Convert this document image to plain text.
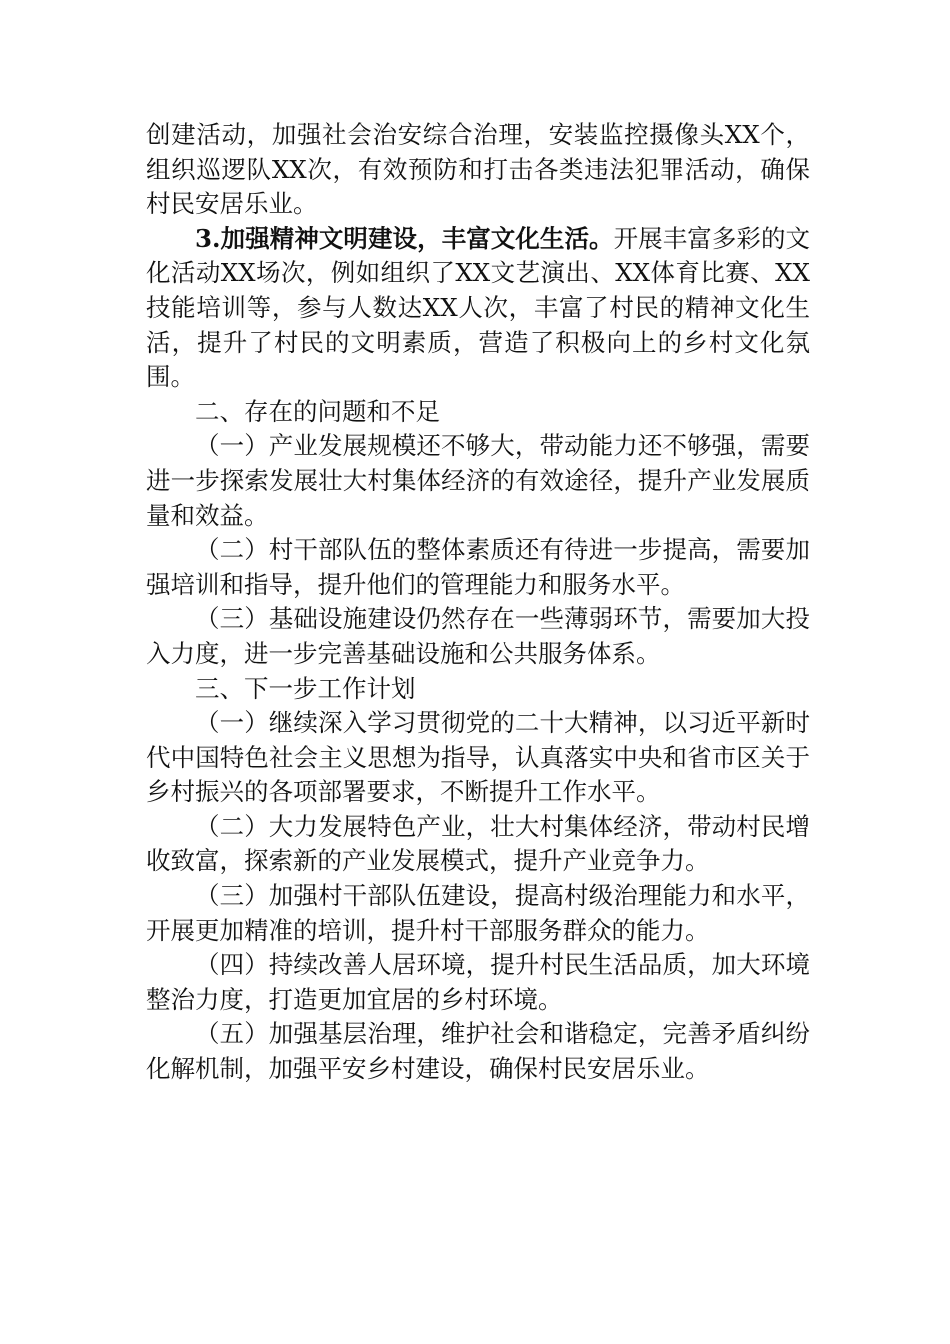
创建活动，加强社会治安综合治理，安装监控摄像头XX个，组织巡逻队XX次，有效预防和打击各类违法犯罪活动，确保村民安居乐业。

3.加强精神文明建设，丰富文化生活。开展丰富多彩的文化活动XX场次，例如组织了XX文艺演出、XX体育比赛、XX技能培训等，参与人数达XX人次，丰富了村民的精神文化生活，提升了村民的文明素质，营造了积极向上的乡村文化氛围。

二、存在的问题和不足

（一）产业发展规模还不够大，带动能力还不够强，需要进一步探索发展壮大村集体经济的有效途径，提升产业发展质量和效益。

（二）村干部队伍的整体素质还有待进一步提高，需要加强培训和指导，提升他们的管理能力和服务水平。

（三）基础设施建设仍然存在一些薄弱环节，需要加大投入力度，进一步完善基础设施和公共服务体系。

三、下一步工作计划

（一）继续深入学习贯彻党的二十大精神，以习近平新时代中国特色社会主义思想为指导，认真落实中央和省市区关于乡村振兴的各项部署要求，不断提升工作水平。

（二）大力发展特色产业，壮大村集体经济，带动村民增收致富，探索新的产业发展模式，提升产业竞争力。

（三）加强村干部队伍建设，提高村级治理能力和水平，开展更加精准的培训，提升村干部服务群众的能力。

（四）持续改善人居环境，提升村民生活品质，加大环境整治力度，打造更加宜居的乡村环境。

（五）加强基层治理，维护社会和谐稳定，完善矛盾纠纷化解机制，加强平安乡村建设，确保村民安居乐业。
